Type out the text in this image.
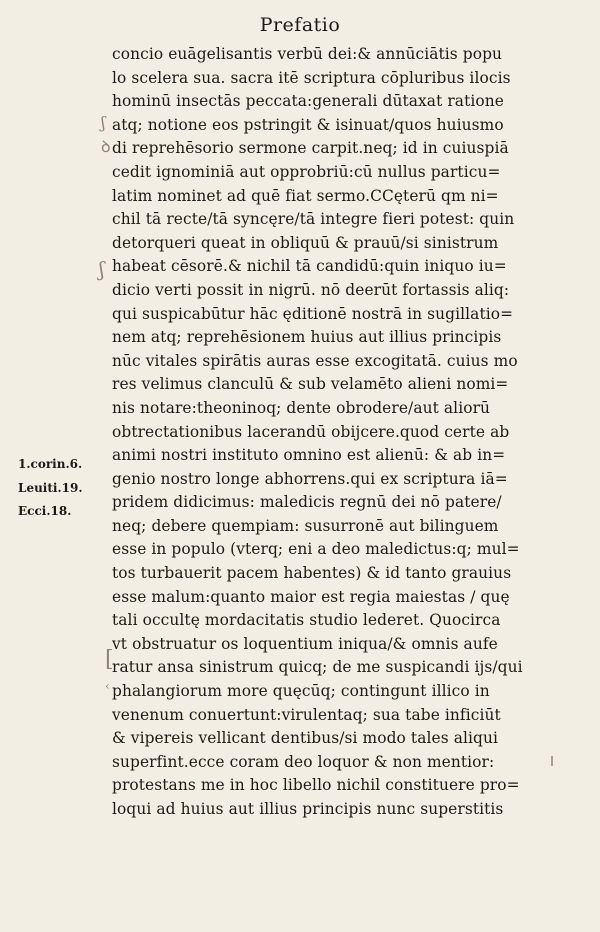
Prefatio
concio euāgelisantis verbū dei:& annūciātis popu
lo scelera sua. sacra itē scriptura cōpluribus ilocis
hominū insectās peccata:generali dūtaxat ratione
atq; notione eos pstringit & isinuat/quos huiusmo
di reprehēsorio sermone carpit.neq; id in cuiuspiā
cedit ignominiā aut opprobriū:cū nullus particu=
latim nominet ad quē fiat sermo.CCęterū qm ni=
chil tā recte/tā syncęre/tā integre fieri potest: quin
detorqueri queat in obliquū & prauū/si sinistrum
habeat cēsorē.& nichil tā candidū:quin iniquo iu=
dicio verti possit in nigrū. nō deerūt fortassis aliq:
qui suspicabūtur hāc ęditionē nostrā in sugillatio=
nem atq; reprehēsionem huius aut illius principis
nūc vitales spirātis auras esse excogitatā. cuius mo
res velimus clanculū & sub velamēto alieni nomi=
nis notare:theoninoq; dente obrodere/aut aliorū
obtrectationibus lacerandū obijcere.quod certe ab
animi nostri instituto omnino est alienū: & ab in=
genio nostro longe abhorrens.qui ex scriptura iā=
pridem didicimus: maledicis regnū dei nō patere/
neq; debere quempiam: susurronē aut bilinguem
esse in populo (vterq; eni a deo maledictus:q; mul=
tos turbauerit pacem habentes) & id tanto grauius
esse malum:quanto maior est regia maiestas / quę
tali occultę mordacitatis studio lederet. Quocirca
vt obstruatur os loquentium iniqua/& omnis aufe
ratur ansa sinistrum quicq; de me suspicandi ijs/qui
phalangiorum more quęcūq; contingunt illico in
venenum conuertunt:virulentaq; sua tabe inficiūt
& vipereis vellicant dentibus/si modo tales aliqui
superfint.ecce coram deo loquor & non mentior:
protestans me in hoc libello nichil constituere pro=
loqui ad huius aut illius principis nunc superstitis
1.corin.6.
Leuiti.19.
Ecci.18.
ʃ
ꝺ
ʃ
[
‹
